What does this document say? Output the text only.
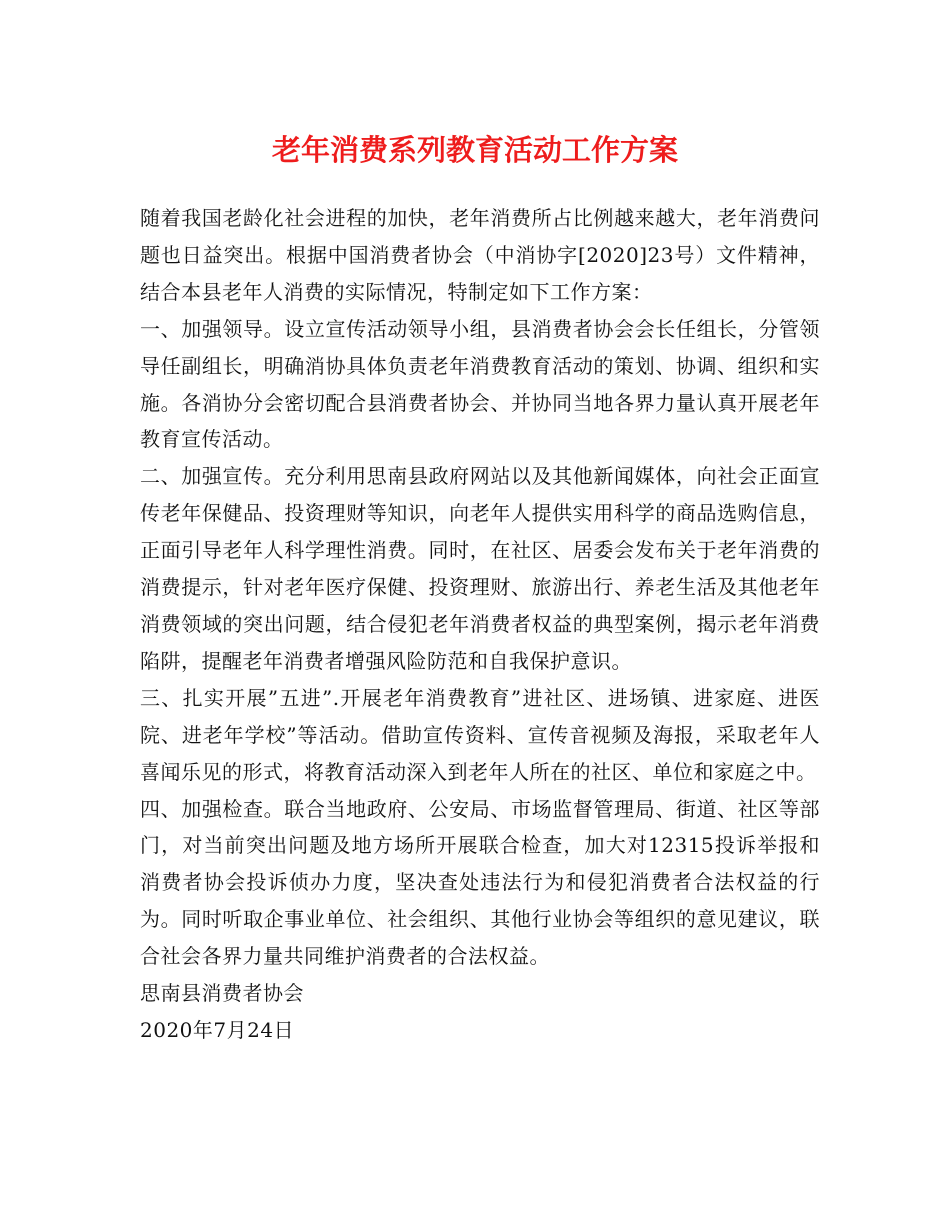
老年消费系列教育活动工作方案

随着我国老龄化社会进程的加快，老年消费所占比例越来越大，老年消费问题也日益突出。根据中国消费者协会（中消协字[2020]23号）文件精神，结合本县老年人消费的实际情况，特制定如下工作方案：

一、加强领导。设立宣传活动领导小组，县消费者协会会长任组长，分管领导任副组长，明确消协具体负责老年消费教育活动的策划、协调、组织和实施。各消协分会密切配合县消费者协会、并协同当地各界力量认真开展老年教育宣传活动。

二、加强宣传。充分利用思南县政府网站以及其他新闻媒体，向社会正面宣传老年保健品、投资理财等知识，向老年人提供实用科学的商品选购信息，正面引导老年人科学理性消费。同时，在社区、居委会发布关于老年消费的消费提示，针对老年医疗保健、投资理财、旅游出行、养老生活及其他老年消费领域的突出问题，结合侵犯老年消费者权益的典型案例，揭示老年消费陷阱，提醒老年消费者增强风险防范和自我保护意识。

三、扎实开展”五进”.开展老年消费教育”进社区、进场镇、进家庭、进医院、进老年学校”等活动。借助宣传资料、宣传音视频及海报，采取老年人喜闻乐见的形式，将教育活动深入到老年人所在的社区、单位和家庭之中。

四、加强检查。联合当地政府、公安局、市场监督管理局、街道、社区等部门，对当前突出问题及地方场所开展联合检查，加大对12315投诉举报和消费者协会投诉侦办力度，坚决查处违法行为和侵犯消费者合法权益的行为。同时听取企事业单位、社会组织、其他行业协会等组织的意见建议，联合社会各界力量共同维护消费者的合法权益。

思南县消费者协会

2020年7月24日
